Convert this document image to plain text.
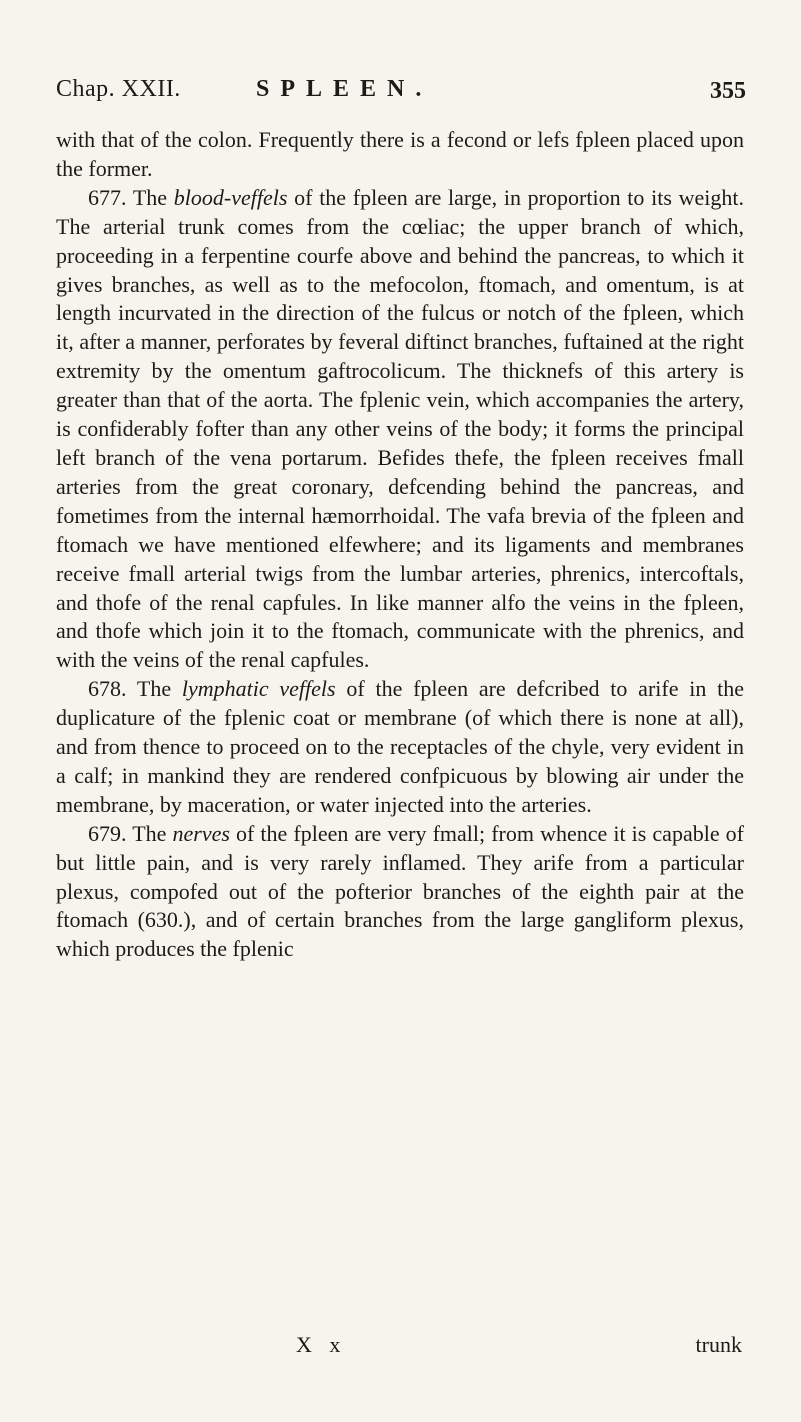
Chap. XXII.	SPLEEN.	355

with that of the colon. Frequently there is a fecond or lefs fpleen placed upon the former.

677. The blood-veffels of the fpleen are large, in proportion to its weight. The arterial trunk comes from the cœliac; the upper branch of which, proceeding in a ferpentine courfe above and behind the pancreas, to which it gives branches, as well as to the mefocolon, ftomach, and omentum, is at length incurvated in the direction of the fulcus or notch of the fpleen, which it, after a manner, perforates by feveral diftinct branches, fuftained at the right extremity by the omentum gaftrocolicum. The thicknefs of this artery is greater than that of the aorta. The fplenic vein, which accompanies the artery, is confiderably fofter than any other veins of the body; it forms the principal left branch of the vena portarum. Befides thefe, the fpleen receives fmall arteries from the great coronary, defcending behind the pancreas, and fometimes from the internal hæmorrhoidal. The vafa brevia of the fpleen and ftomach we have mentioned elfewhere; and its ligaments and membranes receive fmall arterial twigs from the lumbar arteries, phrenics, intercoftals, and thofe of the renal capfules. In like manner alfo the veins in the fpleen, and thofe which join it to the ftomach, communicate with the phrenics, and with the veins of the renal capfules.

678. The lymphatic veffels of the fpleen are defcribed to arife in the duplicature of the fplenic coat or membrane (of which there is none at all), and from thence to proceed on to the receptacles of the chyle, very evident in a calf; in mankind they are rendered confpicuous by blowing air under the membrane, by maceration, or water injected into the arteries.

679. The nerves of the fpleen are very fmall; from whence it is capable of but little pain, and is very rarely inflamed. They arife from a particular plexus, compofed out of the pofterior branches of the eighth pair at the ftomach (630.), and of certain branches from the large gangliform plexus, which produces the fplenic

X x	trunk
